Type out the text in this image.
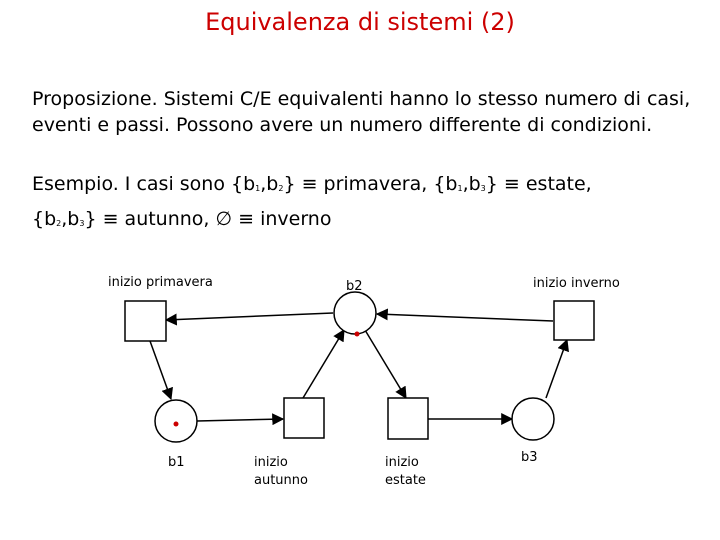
Equivalenza di sistemi (2)
Proposizione. Sistemi C/E equivalenti hanno lo stesso numero di casi,
eventi e passi. Possono avere un numero differente di condizioni.
Esempio. I casi sono $\{b_1,b_2\}$ ≡ primavera, $\{b_1,b_3\}$ ≡ estate,
$\{b_2,b_3\}$ ≡ autunno, ∅ ≡ inverno
inizio primavera	b2	inizio inverno
b1	inizio
autunno
inizio
estate
b3
